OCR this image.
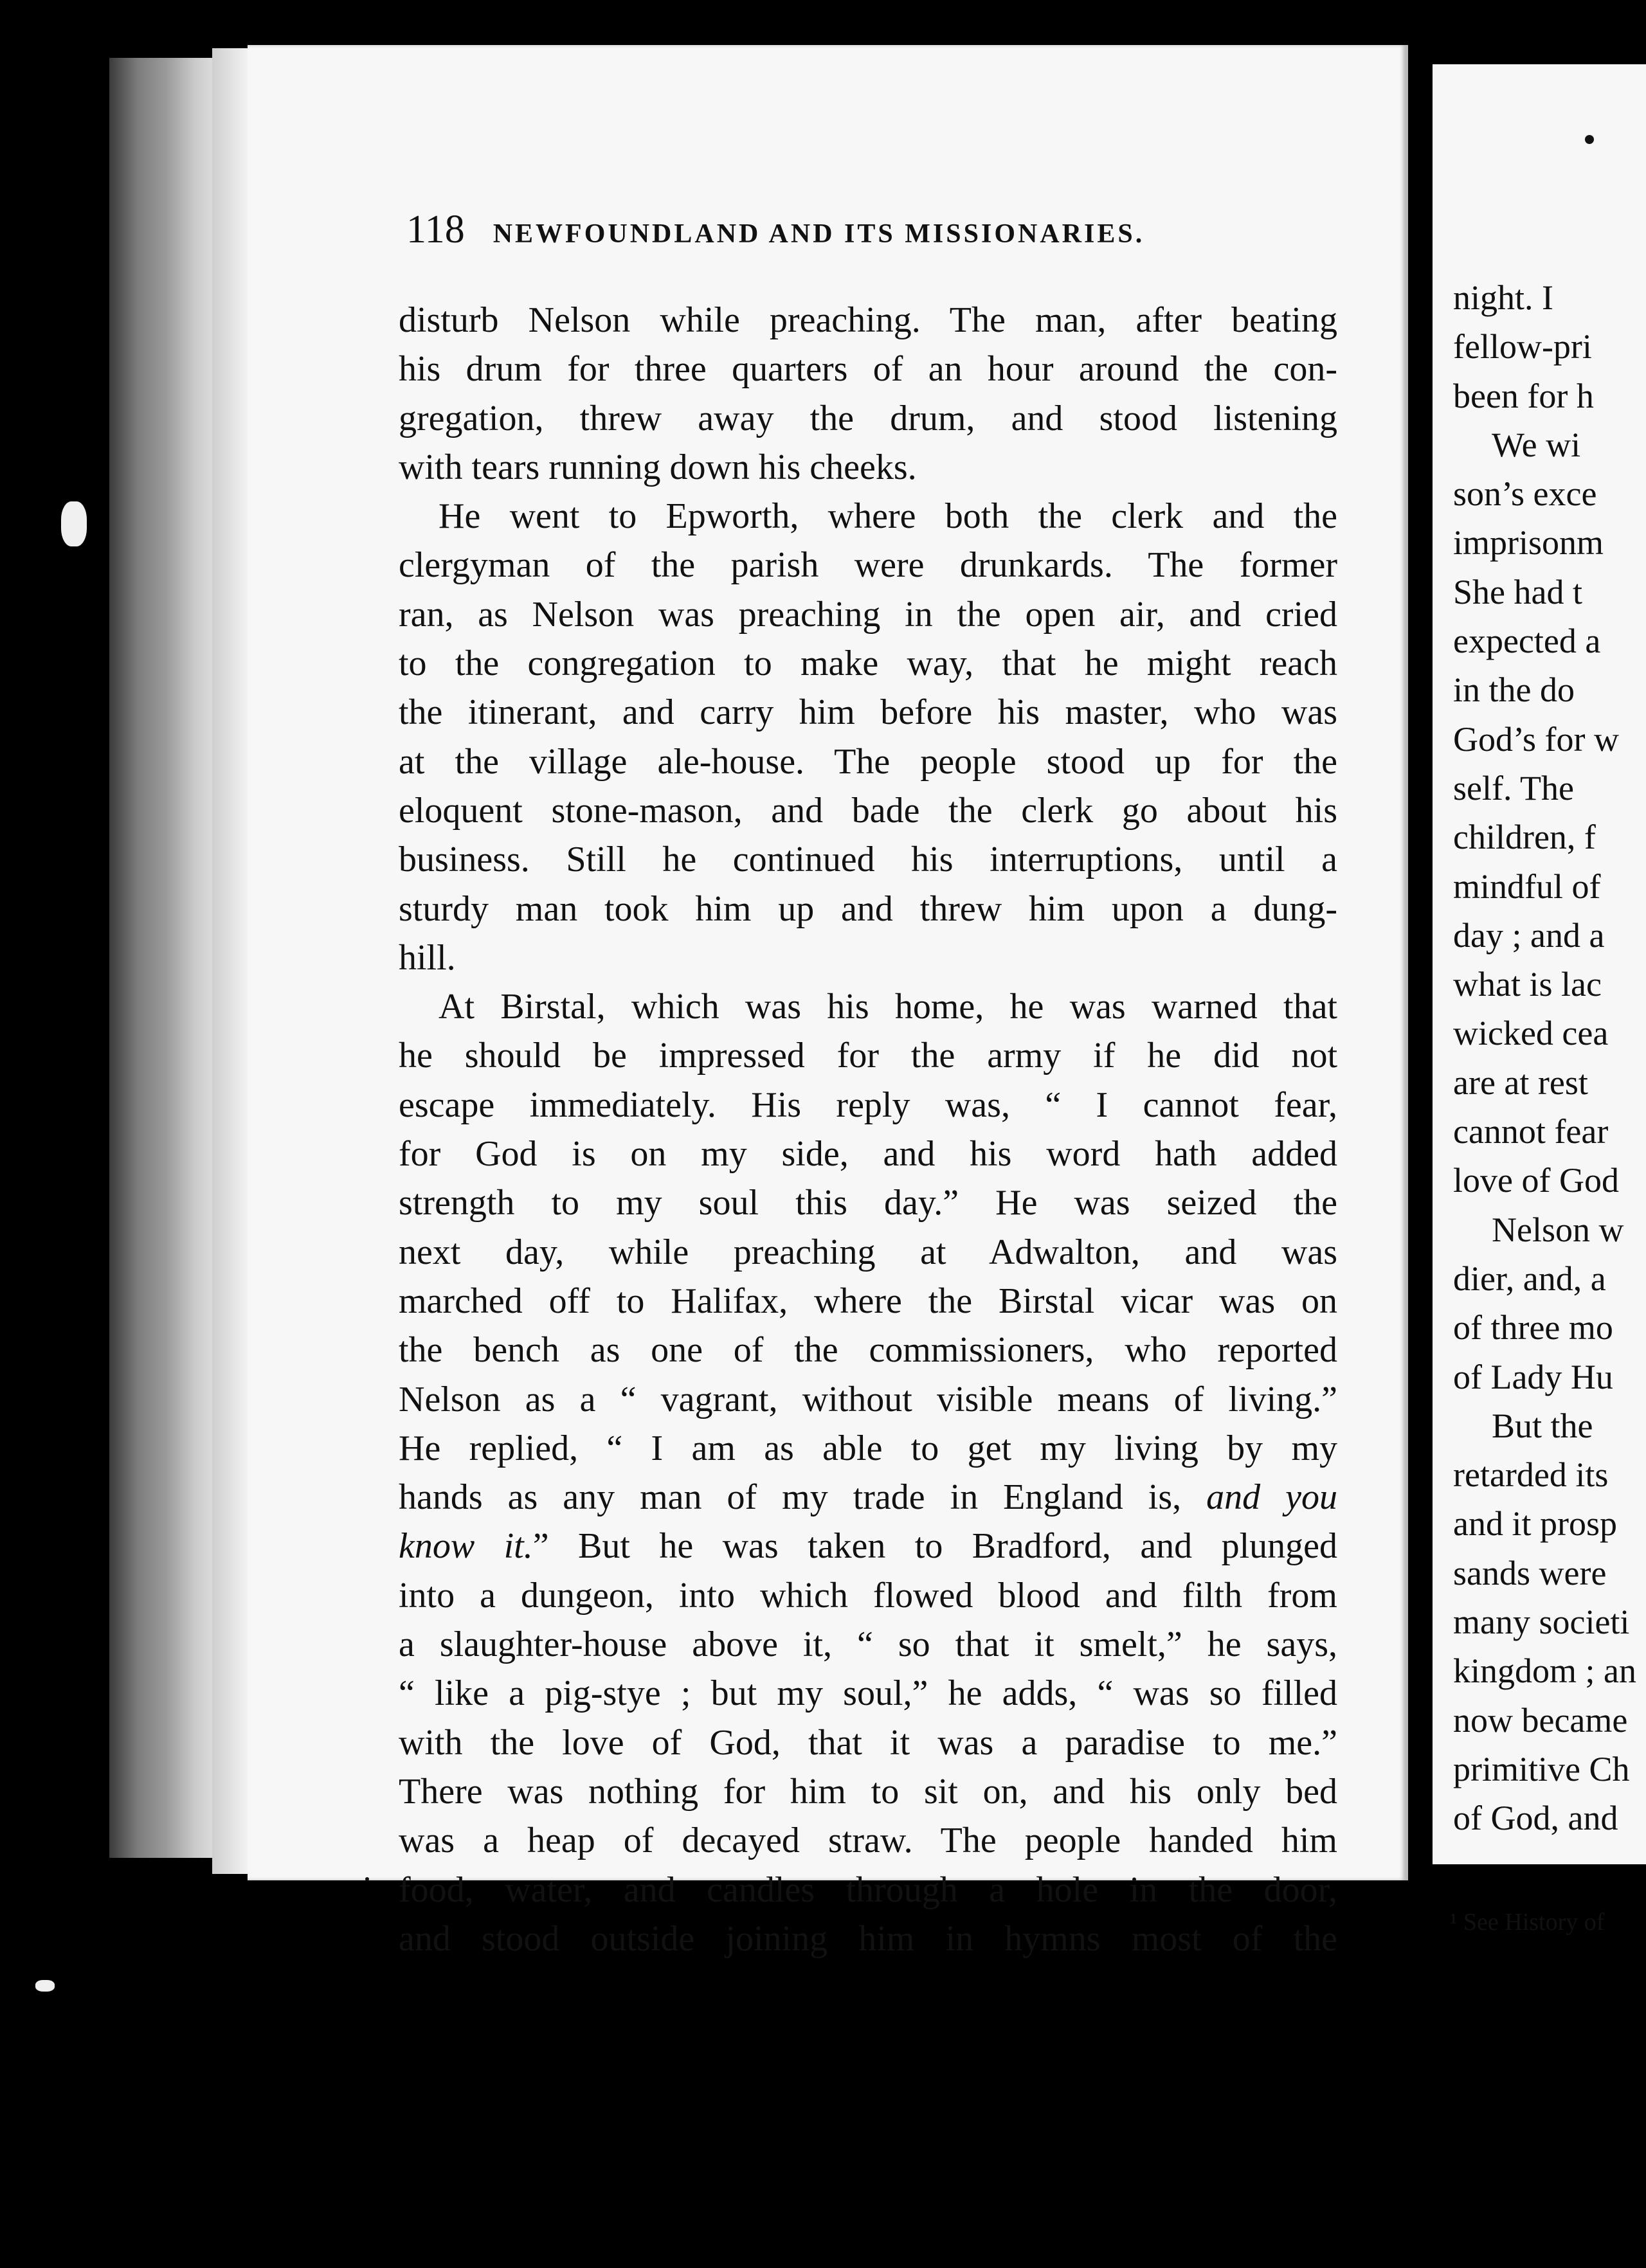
118 NEWFOUNDLAND AND ITS MISSIONARIES.
disturb Nelson while preaching. The man, after beating
his drum for three quarters of an hour around the con-
gregation, threw away the drum, and stood listening
with tears running down his cheeks.
He went to Epworth, where both the clerk and the
clergyman of the parish were drunkards. The former
ran, as Nelson was preaching in the open air, and cried
to the congregation to make way, that he might reach
the itinerant, and carry him before his master, who was
at the village ale-house. The people stood up for the
eloquent stone-mason, and bade the clerk go about his
business. Still he continued his interruptions, until a
sturdy man took him up and threw him upon a dung-
hill.
At Birstal, which was his home, he was warned that
he should be impressed for the army if he did not
escape immediately. His reply was, “ I cannot fear,
for God is on my side, and his word hath added
strength to my soul this day.” He was seized the
next day, while preaching at Adwalton, and was
marched off to Halifax, where the Birstal vicar was on
the bench as one of the commissioners, who reported
Nelson as a “ vagrant, without visible means of living.”
He replied, “ I am as able to get my living by my
hands as any man of my trade in England is, and you
know it.” But he was taken to Bradford, and plunged
into a dungeon, into which flowed blood and filth from
a slaughter-house above it, “ so that it smelt,” he says,
“ like a pig-stye ; but my soul,” he adds, “ was so filled
with the love of God, that it was a paradise to me.”
There was nothing for him to sit on, and his only bed
was a heap of decayed straw. The people handed him
food, water, and candles through a hole in the door,
and stood outside joining him in hymns most of the
night. I
fellow-pri
been for h
We wi
son’s exce
imprisonm
She had t
expected a
in the do
God’s for w
self. The
children, f
mindful of
day ; and a
what is lac
wicked cea
are at rest
cannot fear
love of God
Nelson w
dier, and, a
of three mo
of Lady Hu
But the
retarded its
and it prosp
sands were
many societi
kingdom ; an
now became
primitive Ch
of God, and
¹ See History of
